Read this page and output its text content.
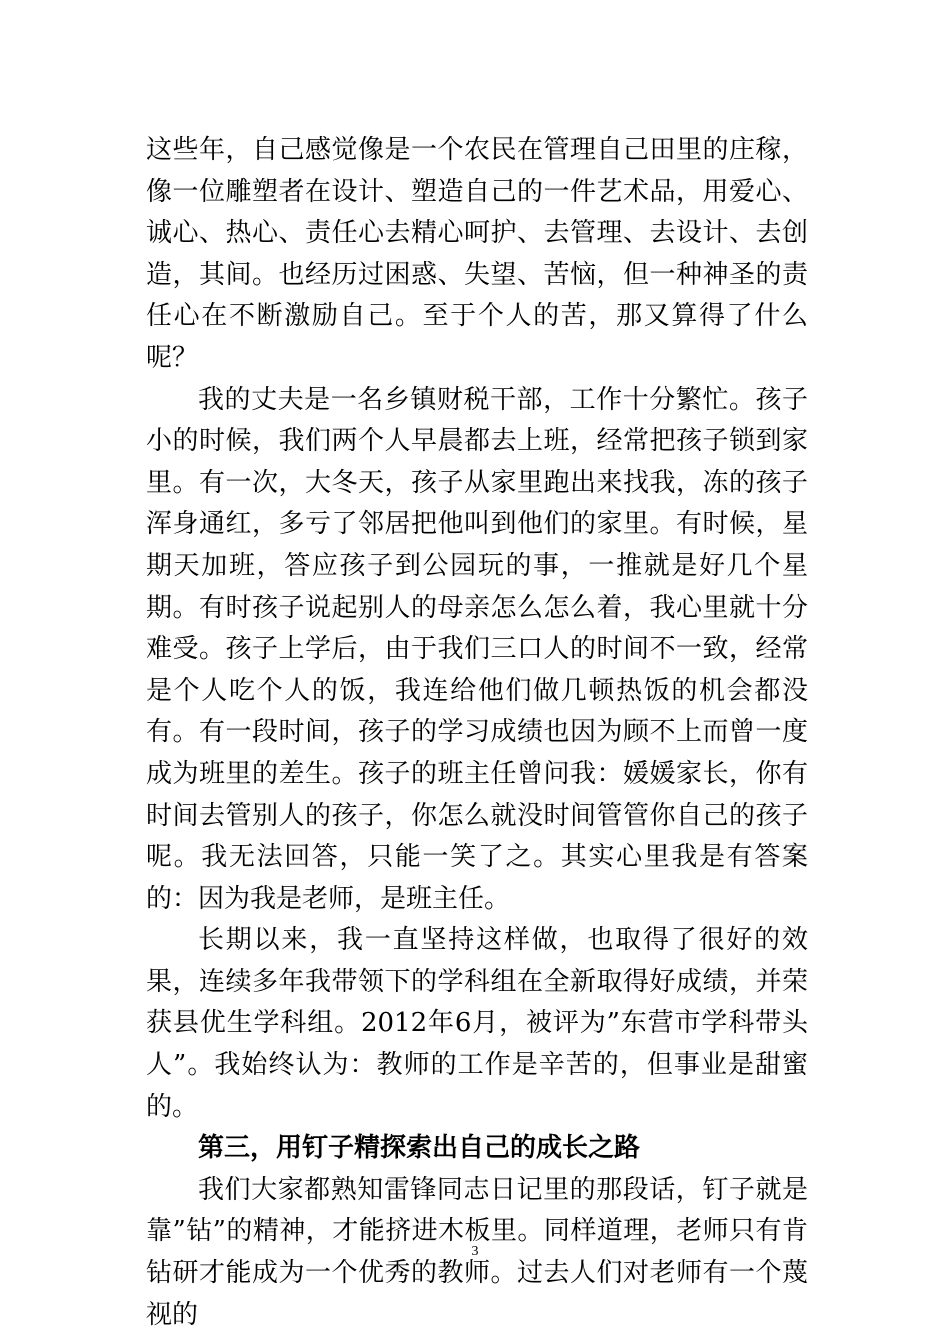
这些年，自己感觉像是一个农民在管理自己田里的庄稼，像一位雕塑者在设计、塑造自己的一件艺术品，用爱心、诚心、热心、责任心去精心呵护、去管理、去设计、去创造，其间。也经历过困惑、失望、苦恼，但一种神圣的责任心在不断激励自己。至于个人的苦，那又算得了什么呢？

我的丈夫是一名乡镇财税干部，工作十分繁忙。孩子小的时候，我们两个人早晨都去上班，经常把孩子锁到家里。有一次，大冬天，孩子从家里跑出来找我，冻的孩子浑身通红，多亏了邻居把他叫到他们的家里。有时候，星期天加班，答应孩子到公园玩的事，一推就是好几个星期。有时孩子说起别人的母亲怎么怎么着，我心里就十分难受。孩子上学后，由于我们三口人的时间不一致，经常是个人吃个人的饭，我连给他们做几顿热饭的机会都没有。有一段时间，孩子的学习成绩也因为顾不上而曾一度成为班里的差生。孩子的班主任曾问我：媛媛家长，你有时间去管别人的孩子，你怎么就没时间管管你自己的孩子呢。我无法回答，只能一笑了之。其实心里我是有答案的：因为我是老师，是班主任。

长期以来，我一直坚持这样做，也取得了很好的效果，连续多年我带领下的学科组在全新取得好成绩，并荣获县优生学科组。2012年6月，被评为”东营市学科带头人”。我始终认为：教师的工作是辛苦的，但事业是甜蜜的。

第三，用钉子精探索出自己的成长之路

我们大家都熟知雷锋同志日记里的那段话，钉子就是靠”钻”的精神，才能挤进木板里。同样道理，老师只有肯钻研才能成为一个优秀的教师。过去人们对老师有一个蔑视的

3
